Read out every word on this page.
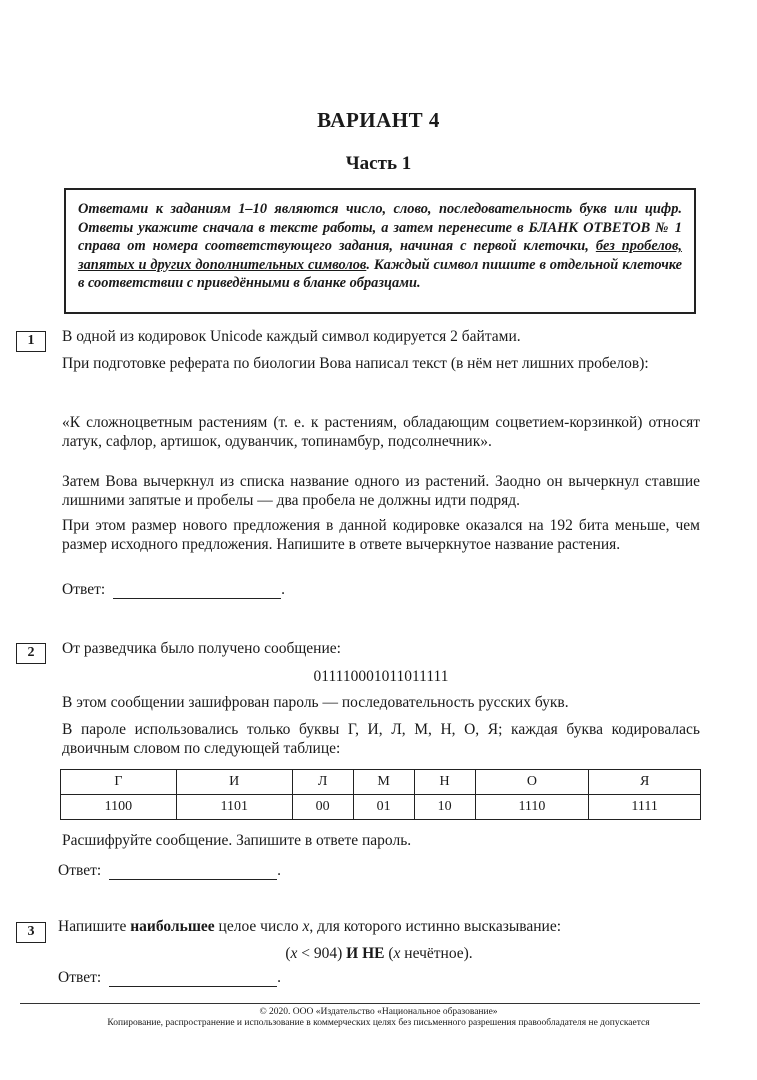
ВАРИАНТ 4
Часть 1
Ответами к заданиям 1–10 являются число, слово, последовательность букв или цифр. Ответы укажите сначала в тексте работы, а затем перенесите в БЛАНК ОТВЕТОВ № 1 справа от номера соответствующего задания, начиная с первой клеточки, без пробелов, запятых и других дополнительных символов. Каждый символ пишите в отдельной клеточке в соответствии с приведёнными в бланке образцами.
1	В одной из кодировок Unicode каждый символ кодируется 2 байтами.
При подготовке реферата по биологии Вова написал текст (в нём нет лишних пробелов):
«К сложноцветным растениям (т. е. к растениям, обладающим соцветием-корзинкой) относят латук, сафлор, артишок, одуванчик, топинамбур, подсолнечник».
Затем Вова вычеркнул из списка название одного из растений. Заодно он вычеркнул ставшие лишними запятые и пробелы — два пробела не должны идти подряд.
При этом размер нового предложения в данной кодировке оказался на 192 бита меньше, чем размер исходного предложения. Напишите в ответе вычеркнутое название растения.
Ответ:	.
2	От разведчика было получено сообщение:
011110001011011111
В этом сообщении зашифрован пароль — последовательность русских букв.
В пароле использовались только буквы Г, И, Л, М, Н, О, Я; каждая буква кодировалась двоичным словом по следующей таблице:
Г	И	Л	М	Н	О	Я
1100	1101	00	01	10	1110	1111
Расшифруйте сообщение. Запишите в ответе пароль.
Ответ:	.
3	Напишите наибольшее целое число x, для которого истинно высказывание:
(x < 904) И НЕ (x нечётное).
Ответ:	.
© 2020. ООО «Издательство «Национальное образование»
Копирование, распространение и использование в коммерческих целях без письменного разрешения правообладателя не допускается
